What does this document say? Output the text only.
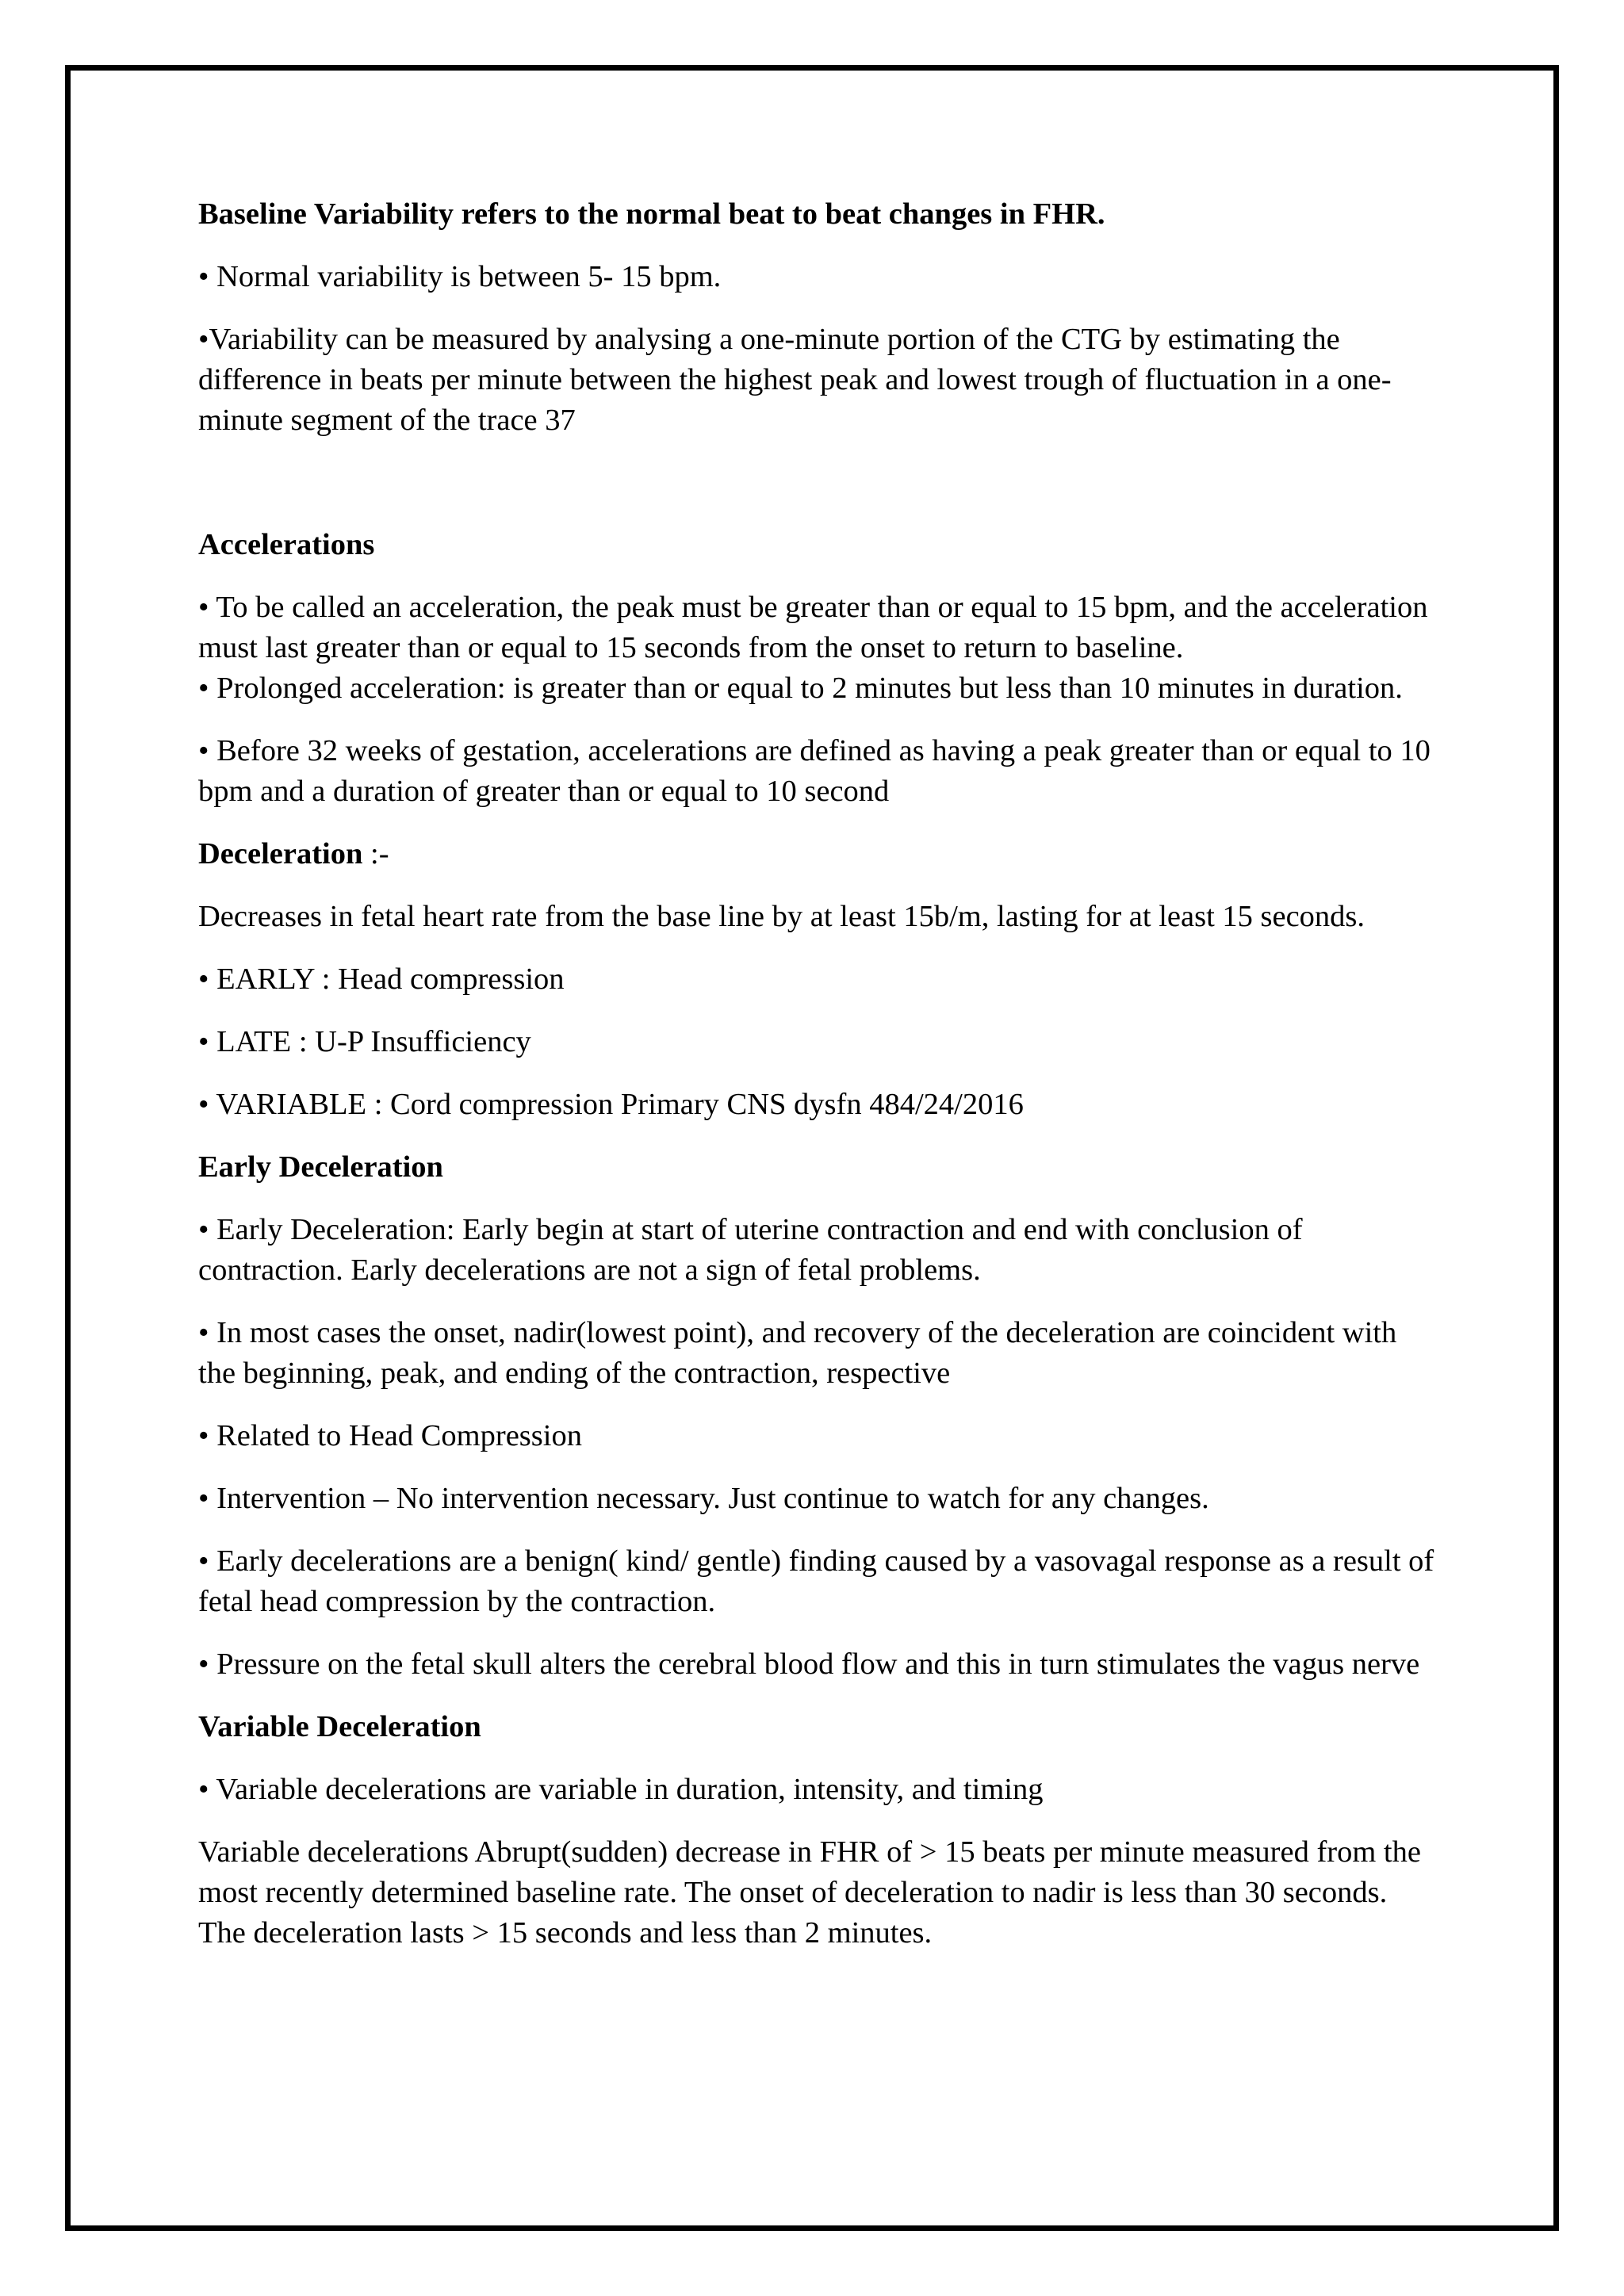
Baseline Variability refers to the normal beat to beat changes in FHR.
• Normal variability is between 5- 15 bpm.
•Variability can be measured by analysing a one-minute portion of the CTG by estimating the difference in beats per minute between the highest peak and lowest trough of fluctuation in a one-minute segment of the trace 37
Accelerations
• To be called an acceleration, the peak must be greater than or equal to 15 bpm, and the acceleration must last greater than or equal to 15 seconds from the onset to return to baseline.
• Prolonged acceleration: is greater than or equal to 2 minutes but less than 10 minutes in duration.
• Before 32 weeks of gestation, accelerations are defined as having a peak greater than or equal to 10 bpm and a duration of greater than or equal to 10 second
Deceleration :-
Decreases in fetal heart rate from the base line by at least 15b/m, lasting for at least 15 seconds.
• EARLY : Head compression
• LATE : U-P Insufficiency
• VARIABLE : Cord compression Primary CNS dysfn 484/24/2016
Early Deceleration
• Early Deceleration: Early begin at start of uterine contraction and end with conclusion of contraction. Early decelerations are not a sign of fetal problems.
• In most cases the onset, nadir(lowest point), and recovery of the deceleration are coincident with the beginning, peak, and ending of the contraction, respective
• Related to Head Compression
• Intervention – No intervention necessary. Just continue to watch for any changes.
• Early decelerations are a benign( kind/ gentle) finding caused by a vasovagal response as a result of fetal head compression by the contraction.
• Pressure on the fetal skull alters the cerebral blood flow and this in turn stimulates the vagus nerve
Variable Deceleration
• Variable decelerations are variable in duration, intensity, and timing
Variable decelerations Abrupt(sudden) decrease in FHR of > 15 beats per minute measured from the most recently determined baseline rate. The onset of deceleration to nadir is less than 30 seconds. The deceleration lasts > 15 seconds and less than 2 minutes.
